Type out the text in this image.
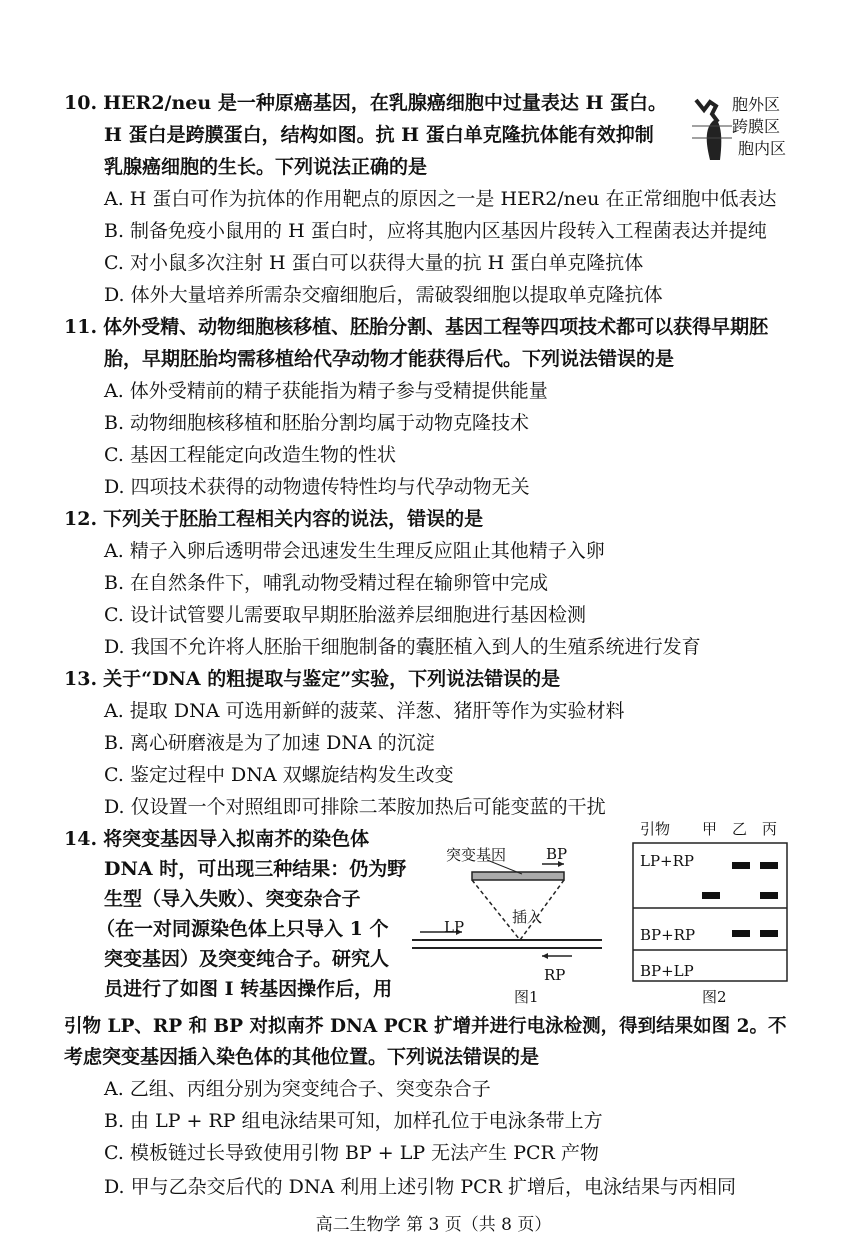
10. HER2/neu 是一种原癌基因，在乳腺癌细胞中过量表达 H 蛋白。
H 蛋白是跨膜蛋白，结构如图。抗 H 蛋白单克隆抗体能有效抑制
乳腺癌细胞的生长。下列说法正确的是
A. H 蛋白可作为抗体的作用靶点的原因之一是 HER2/neu 在正常细胞中低表达
B. 制备免疫小鼠用的 H 蛋白时，应将其胞内区基因片段转入工程菌表达并提纯
C. 对小鼠多次注射 H 蛋白可以获得大量的抗 H 蛋白单克隆抗体
D. 体外大量培养所需杂交瘤细胞后，需破裂细胞以提取单克隆抗体
胞外区
跨膜区
胞内区
11. 体外受精、动物细胞核移植、胚胎分割、基因工程等四项技术都可以获得早期胚
胎，早期胚胎均需移植给代孕动物才能获得后代。下列说法错误的是
A. 体外受精前的精子获能指为精子参与受精提供能量
B. 动物细胞核移植和胚胎分割均属于动物克隆技术
C. 基因工程能定向改造生物的性状
D. 四项技术获得的动物遗传特性均与代孕动物无关
12. 下列关于胚胎工程相关内容的说法，错误的是
A. 精子入卵后透明带会迅速发生生理反应阻止其他精子入卵
B. 在自然条件下，哺乳动物受精过程在输卵管中完成
C. 设计试管婴儿需要取早期胚胎滋养层细胞进行基因检测
D. 我国不允许将人胚胎干细胞制备的囊胚植入到人的生殖系统进行发育
13. 关于“DNA 的粗提取与鉴定”实验，下列说法错误的是
A. 提取 DNA 可选用新鲜的菠菜、洋葱、猪肝等作为实验材料
B. 离心研磨液是为了加速 DNA 的沉淀
C. 鉴定过程中 DNA 双螺旋结构发生改变
D. 仅设置一个对照组即可排除二苯胺加热后可能变蓝的干扰
14. 将突变基因导入拟南芥的染色体
DNA 时，可出现三种结果：仍为野
生型（导入失败）、突变杂合子
（在一对同源染色体上只导入 1 个
突变基因）及突变纯合子。研究人
员进行了如图 I 转基因操作后，用
引物 LP、RP 和 BP 对拟南芥 DNA PCR 扩增并进行电泳检测，得到结果如图 2。不
考虑突变基因插入染色体的其他位置。下列说法错误的是
A. 乙组、丙组分别为突变纯合子、突变杂合子
B. 由 LP + RP 组电泳结果可知，加样孔位于电泳条带上方
C. 模板链过长导致使用引物 BP + LP 无法产生 PCR 产物
D. 甲与乙杂交后代的 DNA 利用上述引物 PCR 扩增后，电泳结果与丙相同
突变基因	BP
插入
LP
RP
图1
引物 甲 乙 丙
LP+RP
BP+RP
BP+LP
图2
高二生物学 第 3 页（共 8 页）
